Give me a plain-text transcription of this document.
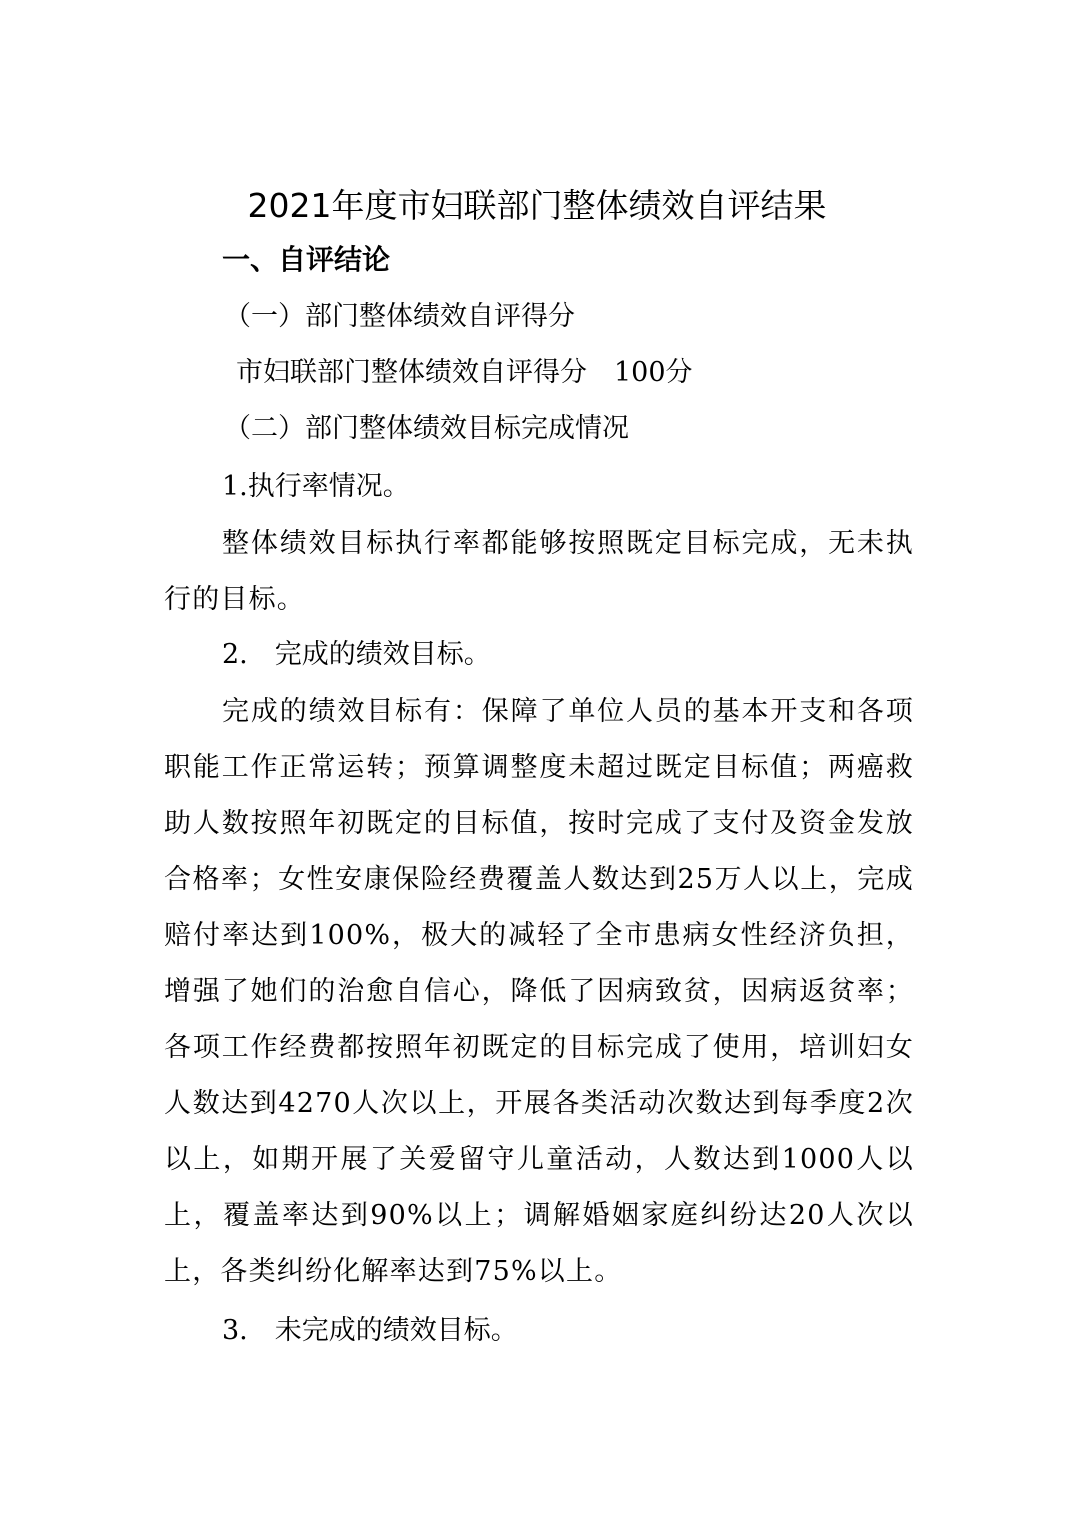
2021年度市妇联部门整体绩效自评结果
一、自评结论

（一）部门整体绩效自评得分

市妇联部门整体绩效自评得分　100分

（二）部门整体绩效目标完成情况

1.执行率情况。

整体绩效目标执行率都能够按照既定目标完成，无未执行的目标。

2.　完成的绩效目标。

完成的绩效目标有：保障了单位人员的基本开支和各项职能工作正常运转；预算调整度未超过既定目标值；两癌救助人数按照年初既定的目标值，按时完成了支付及资金发放合格率；女性安康保险经费覆盖人数达到25万人以上，完成赔付率达到100%，极大的减轻了全市患病女性经济负担，增强了她们的治愈自信心，降低了因病致贫，因病返贫率；各项工作经费都按照年初既定的目标完成了使用，培训妇女人数达到4270人次以上，开展各类活动次数达到每季度2次以上，如期开展了关爱留守儿童活动，人数达到1000人以上，覆盖率达到90%以上；调解婚姻家庭纠纷达20人次以上，各类纠纷化解率达到75%以上。

3.　未完成的绩效目标。
